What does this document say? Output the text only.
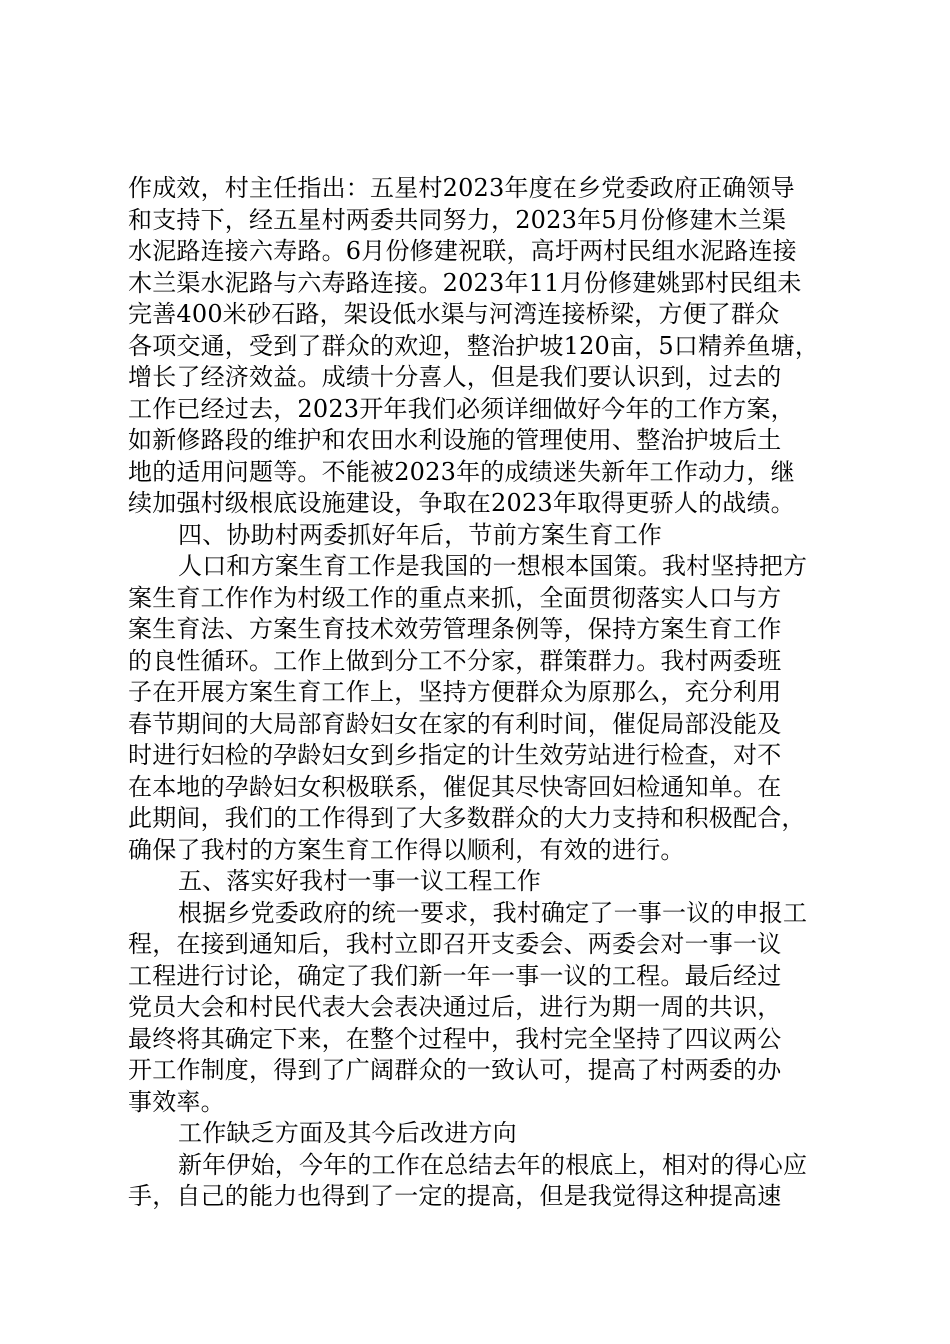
作成效，村主任指出：五星村2023年度在乡党委政府正确领导
和支持下，经五星村两委共同努力，2023年5月份修建木兰渠
水泥路连接六寿路。6月份修建祝联，高圩两村民组水泥路连接
木兰渠水泥路与六寿路连接。2023年11月份修建姚郢村民组未
完善400米砂石路，架设低水渠与河湾连接桥梁，方便了群众
各项交通，受到了群众的欢迎，整治护坡120亩，5口精养鱼塘，
增长了经济效益。成绩十分喜人，但是我们要认识到，过去的
工作已经过去，2023开年我们必须详细做好今年的工作方案，
如新修路段的维护和农田水利设施的管理使用、整治护坡后土
地的适用问题等。不能被2023年的成绩迷失新年工作动力，继
续加强村级根底设施建设，争取在2023年取得更骄人的战绩。
四、协助村两委抓好年后，节前方案生育工作
人口和方案生育工作是我国的一想根本国策。我村坚持把方
案生育工作作为村级工作的重点来抓，全面贯彻落实人口与方
案生育法、方案生育技术效劳管理条例等，保持方案生育工作
的良性循环。工作上做到分工不分家，群策群力。我村两委班
子在开展方案生育工作上，坚持方便群众为原那么，充分利用
春节期间的大局部育龄妇女在家的有利时间，催促局部没能及
时进行妇检的孕龄妇女到乡指定的计生效劳站进行检查，对不
在本地的孕龄妇女积极联系，催促其尽快寄回妇检通知单。在
此期间，我们的工作得到了大多数群众的大力支持和积极配合，
确保了我村的方案生育工作得以顺利，有效的进行。
五、落实好我村一事一议工程工作
根据乡党委政府的统一要求，我村确定了一事一议的申报工
程，在接到通知后，我村立即召开支委会、两委会对一事一议
工程进行讨论，确定了我们新一年一事一议的工程。最后经过
党员大会和村民代表大会表决通过后，进行为期一周的共识，
最终将其确定下来，在整个过程中，我村完全坚持了四议两公
开工作制度，得到了广阔群众的一致认可，提高了村两委的办
事效率。
工作缺乏方面及其今后改进方向
新年伊始，今年的工作在总结去年的根底上，相对的得心应
手，自己的能力也得到了一定的提高，但是我觉得这种提高速
